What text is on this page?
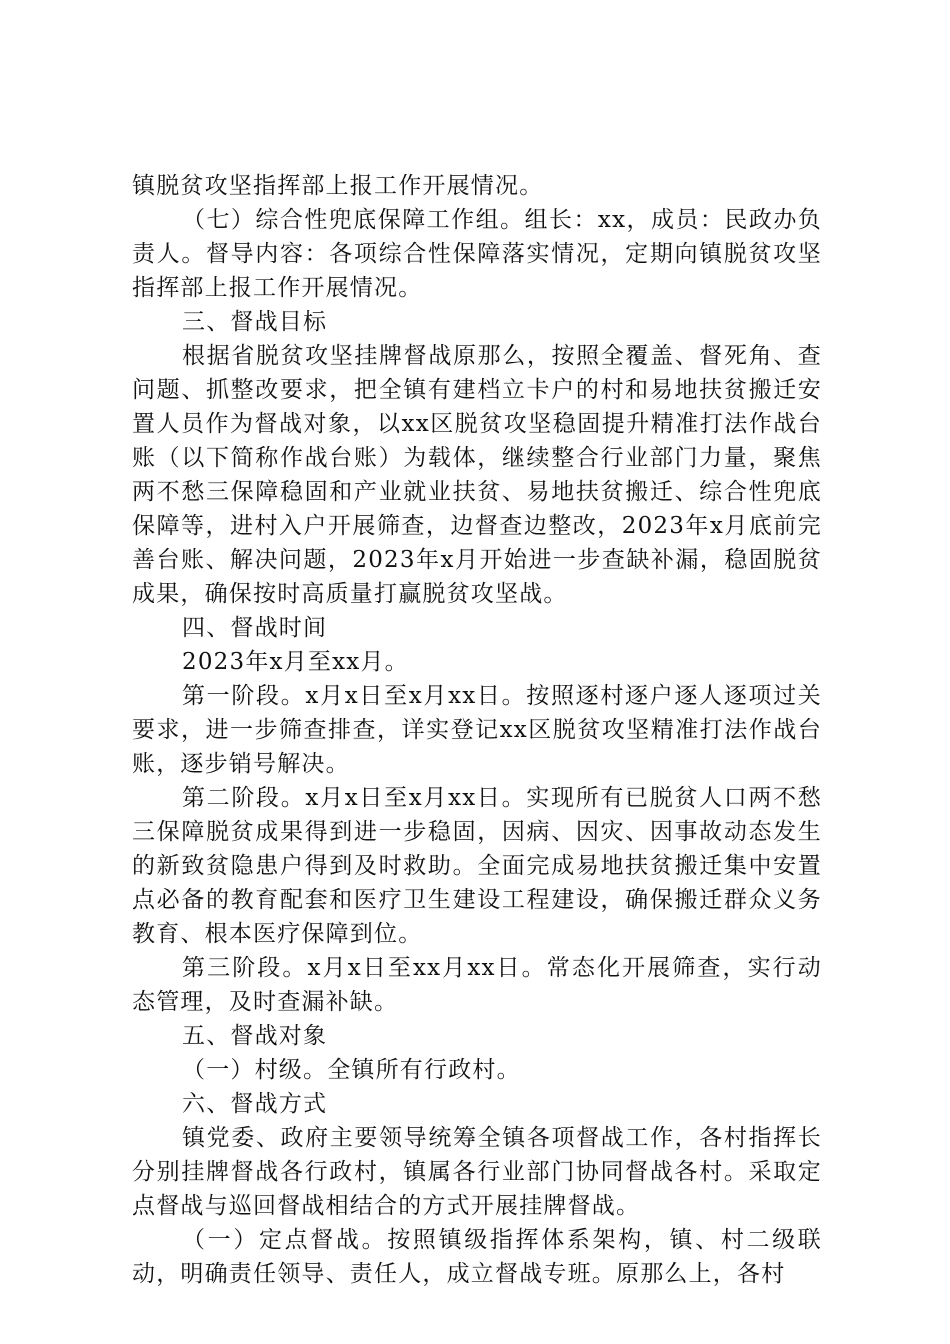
镇脱贫攻坚指挥部上报工作开展情况。

（七）综合性兜底保障工作组。组长：xx，成员：民政办负责人。督导内容：各项综合性保障落实情况，定期向镇脱贫攻坚指挥部上报工作开展情况。

三、督战目标

根据省脱贫攻坚挂牌督战原那么，按照全覆盖、督死角、查问题、抓整改要求，把全镇有建档立卡户的村和易地扶贫搬迁安置人员作为督战对象，以xx区脱贫攻坚稳固提升精准打法作战台账（以下简称作战台账）为载体，继续整合行业部门力量，聚焦两不愁三保障稳固和产业就业扶贫、易地扶贫搬迁、综合性兜底保障等，进村入户开展筛查，边督查边整改，2023年x月底前完善台账、解决问题，2023年x月开始进一步查缺补漏，稳固脱贫成果，确保按时高质量打赢脱贫攻坚战。

四、督战时间

2023年x月至xx月。

第一阶段。x月x日至x月xx日。按照逐村逐户逐人逐项过关要求，进一步筛查排查，详实登记xx区脱贫攻坚精准打法作战台账，逐步销号解决。

第二阶段。x月x日至x月xx日。实现所有已脱贫人口两不愁三保障脱贫成果得到进一步稳固，因病、因灾、因事故动态发生的新致贫隐患户得到及时救助。全面完成易地扶贫搬迁集中安置点必备的教育配套和医疗卫生建设工程建设，确保搬迁群众义务教育、根本医疗保障到位。

第三阶段。x月x日至xx月xx日。常态化开展筛查，实行动态管理，及时查漏补缺。

五、督战对象

（一）村级。全镇所有行政村。

六、督战方式

镇党委、政府主要领导统筹全镇各项督战工作，各村指挥长分别挂牌督战各行政村，镇属各行业部门协同督战各村。采取定点督战与巡回督战相结合的方式开展挂牌督战。

（一）定点督战。按照镇级指挥体系架构，镇、村二级联动，明确责任领导、责任人，成立督战专班。原那么上，各村
